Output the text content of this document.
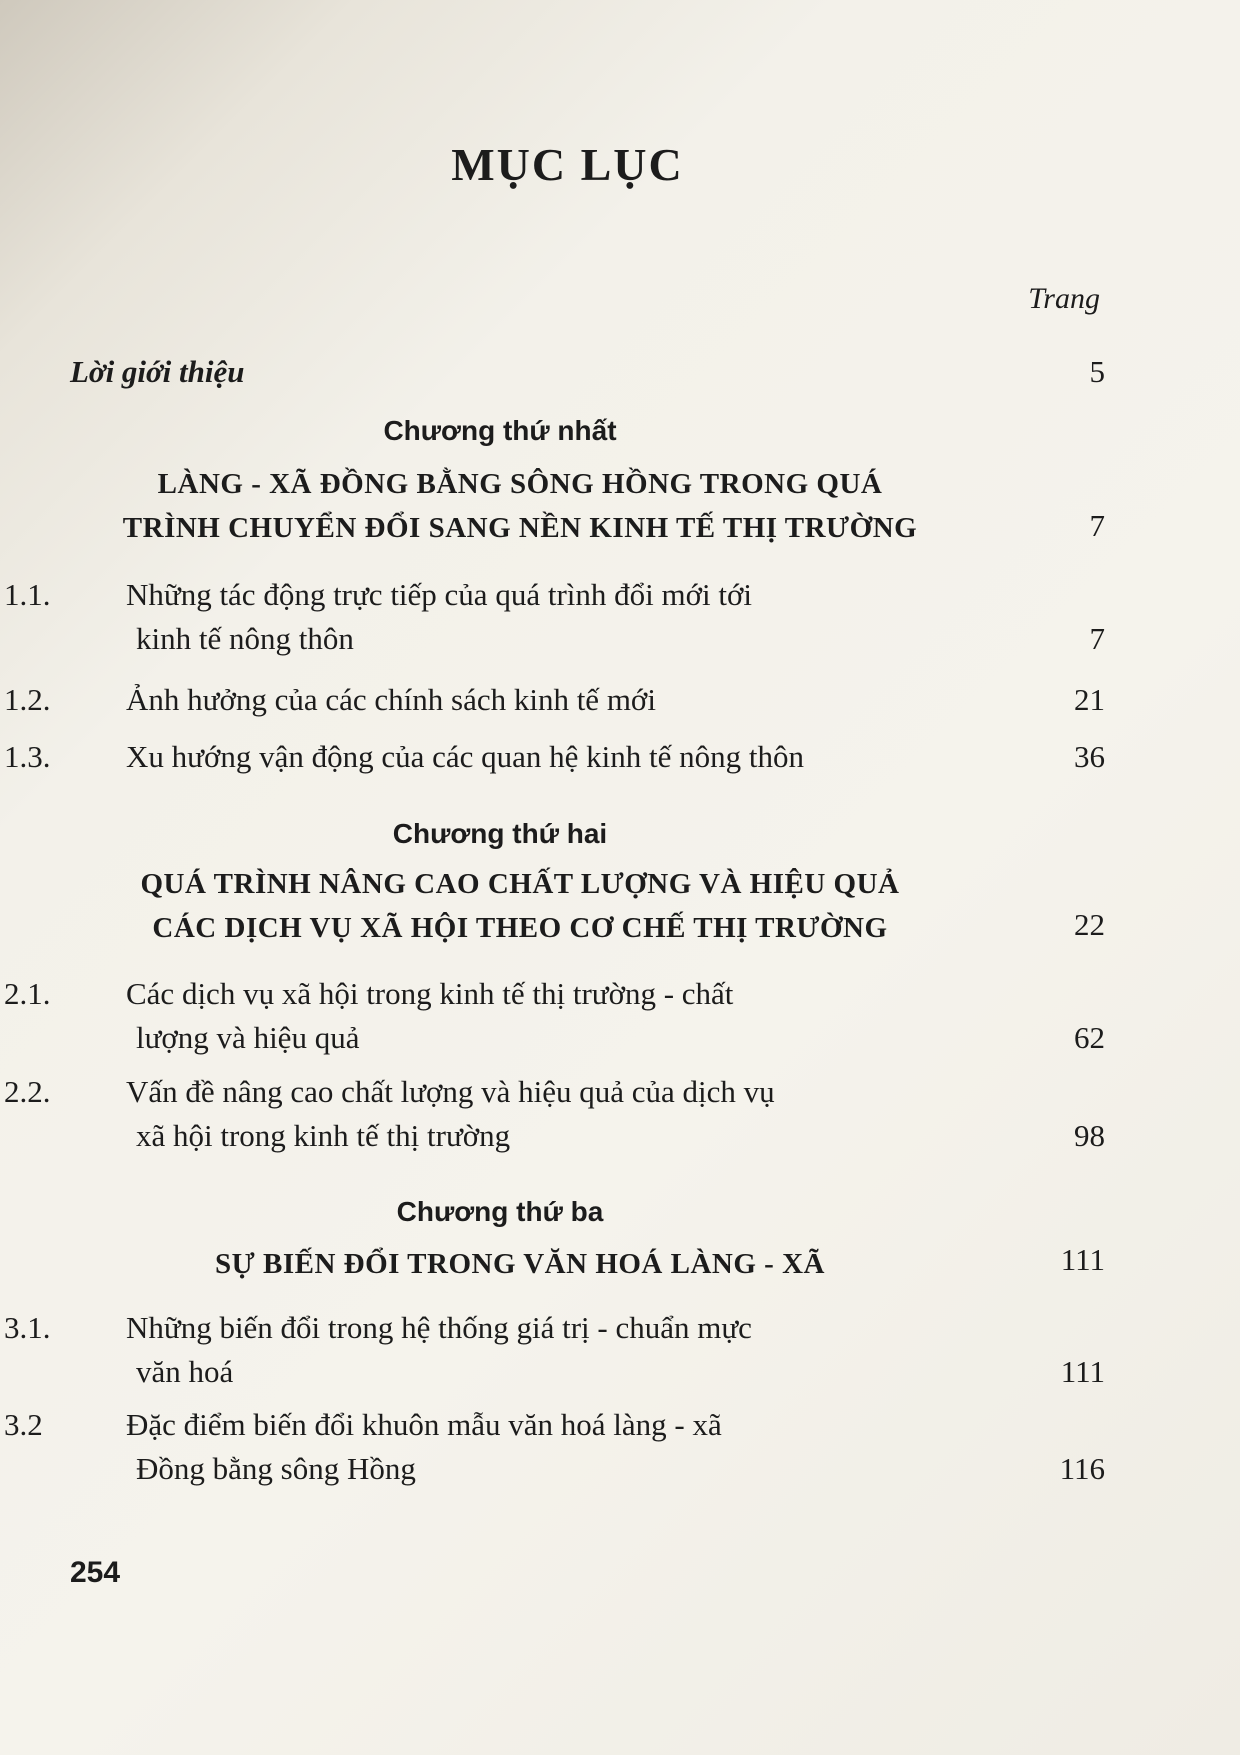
MỤC LỤC
Trang
Lời giới thiệu	5
Chương thứ nhất
LÀNG - XÃ ĐỒNG BẰNG SÔNG HỒNG TRONG QUÁ
TRÌNH CHUYỂN ĐỔI SANG NỀN KINH TẾ THỊ TRƯỜNG	7
1.1. Những tác động trực tiếp của quá trình đổi mới tới
kinh tế nông thôn	7
1.2. Ảnh hưởng của các chính sách kinh tế mới	21
1.3. Xu hướng vận động của các quan hệ kinh tế nông thôn	36
Chương thứ hai
QUÁ TRÌNH NÂNG CAO CHẤT LƯỢNG VÀ HIỆU QUẢ
CÁC DỊCH VỤ XÃ HỘI THEO CƠ CHẾ THỊ TRƯỜNG	22
2.1. Các dịch vụ xã hội trong kinh tế thị trường - chất
lượng và hiệu quả	62
2.2. Vấn đề nâng cao chất lượng và hiệu quả của dịch vụ
xã hội trong kinh tế thị trường	98
Chương thứ ba
SỰ BIẾN ĐỔI TRONG VĂN HOÁ LÀNG - XÃ	111
3.1. Những biến đổi trong hệ thống giá trị - chuẩn mực
văn hoá	111
3.2	Đặc điểm biến đổi khuôn mẫu văn hoá làng - xã
Đồng bằng sông Hồng	116
254
